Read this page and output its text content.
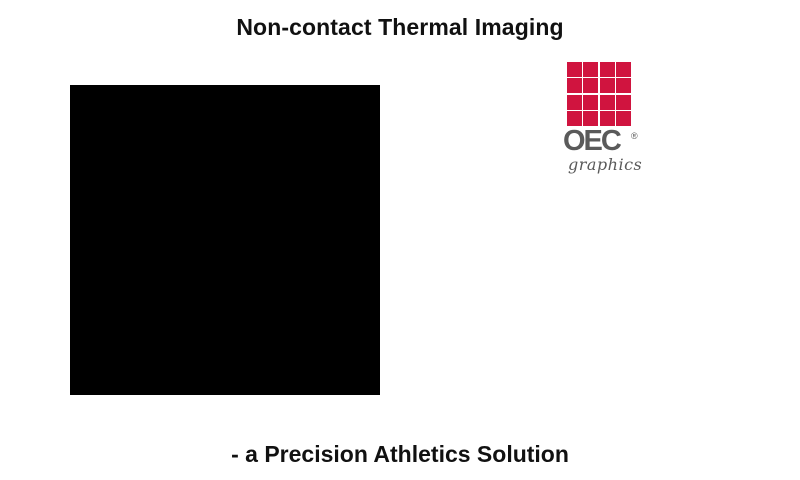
Non-contact Thermal Imaging
OEC ®
graphics
- a Precision Athletics Solution
